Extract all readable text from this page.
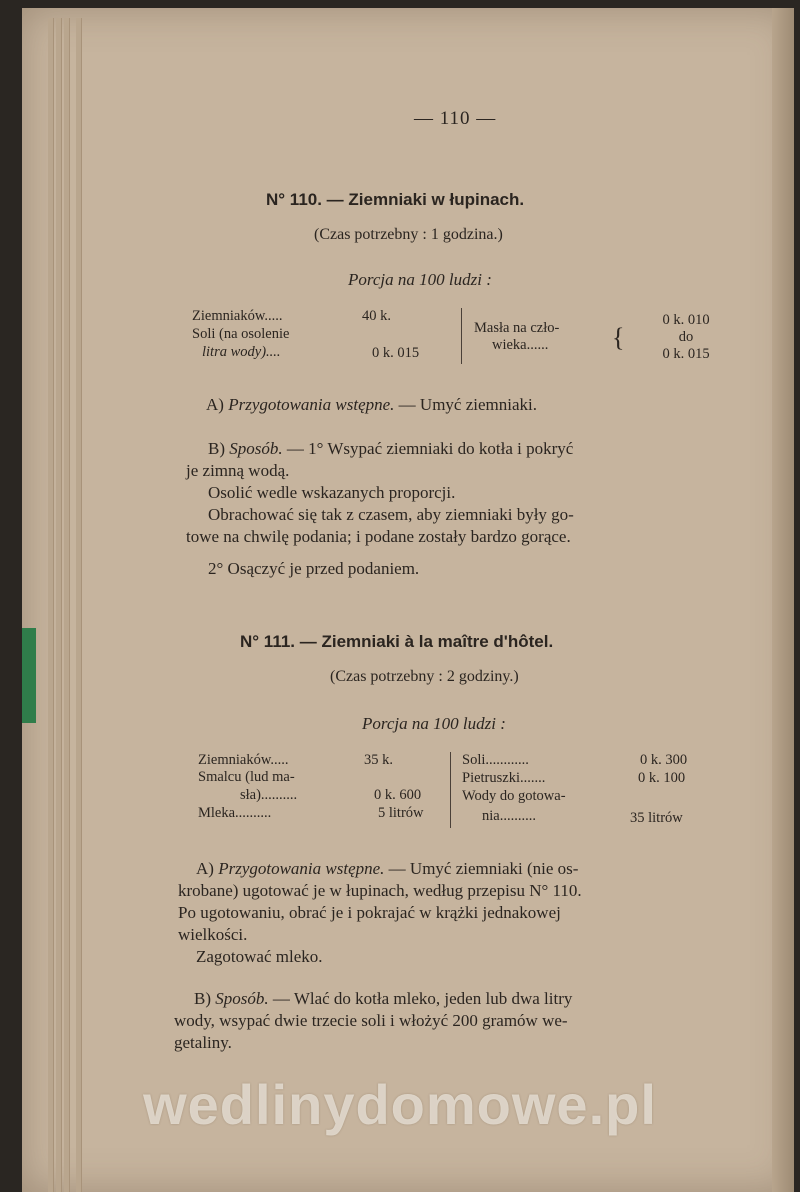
— 110 —
N° 110. — Ziemniaki w łupinach.
(Czas potrzebny : 1 godzina.)
Porcja na 100 ludzi :
Ziemniaków.....	40 k.
Soli (na osolenie
litra wody)....	0 k. 015
Masła na czło-
wieka......	{
0 k. 010
do
0 k. 015
A) Przygotowania wstępne. — Umyć ziemniaki.
B) Sposób. — 1° Wsypać ziemniaki do kotła i pokryć
je zimną wodą.
Osolić wedle wskazanych proporcji.
Obrachować się tak z czasem, aby ziemniaki były go-
towe na chwilę podania; i podane zostały bardzo gorące.
2° Osączyć je przed podaniem.
N° 111. — Ziemniaki à la maître d'hôtel.
(Czas potrzebny : 2 godziny.)
Porcja na 100 ludzi :
Ziemniaków.....	35 k.
Smalcu (lud ma-
sła)..........	0 k. 600
Mleka..........	5 litrów
Soli............	0 k. 300
Pietruszki.......	0 k. 100
Wody do gotowa-
nia..........	35 litrów
A) Przygotowania wstępne. — Umyć ziemniaki (nie os-
krobane) ugotować je w łupinach, według przepisu N° 110.
Po ugotowaniu, obrać je i pokrajać w krążki jednakowej
wielkości.
Zagotować mleko.
B) Sposób. — Wlać do kotła mleko, jeden lub dwa litry
wody, wsypać dwie trzecie soli i włożyć 200 gramów we-
getaliny.
wedlinydomowe.pl
